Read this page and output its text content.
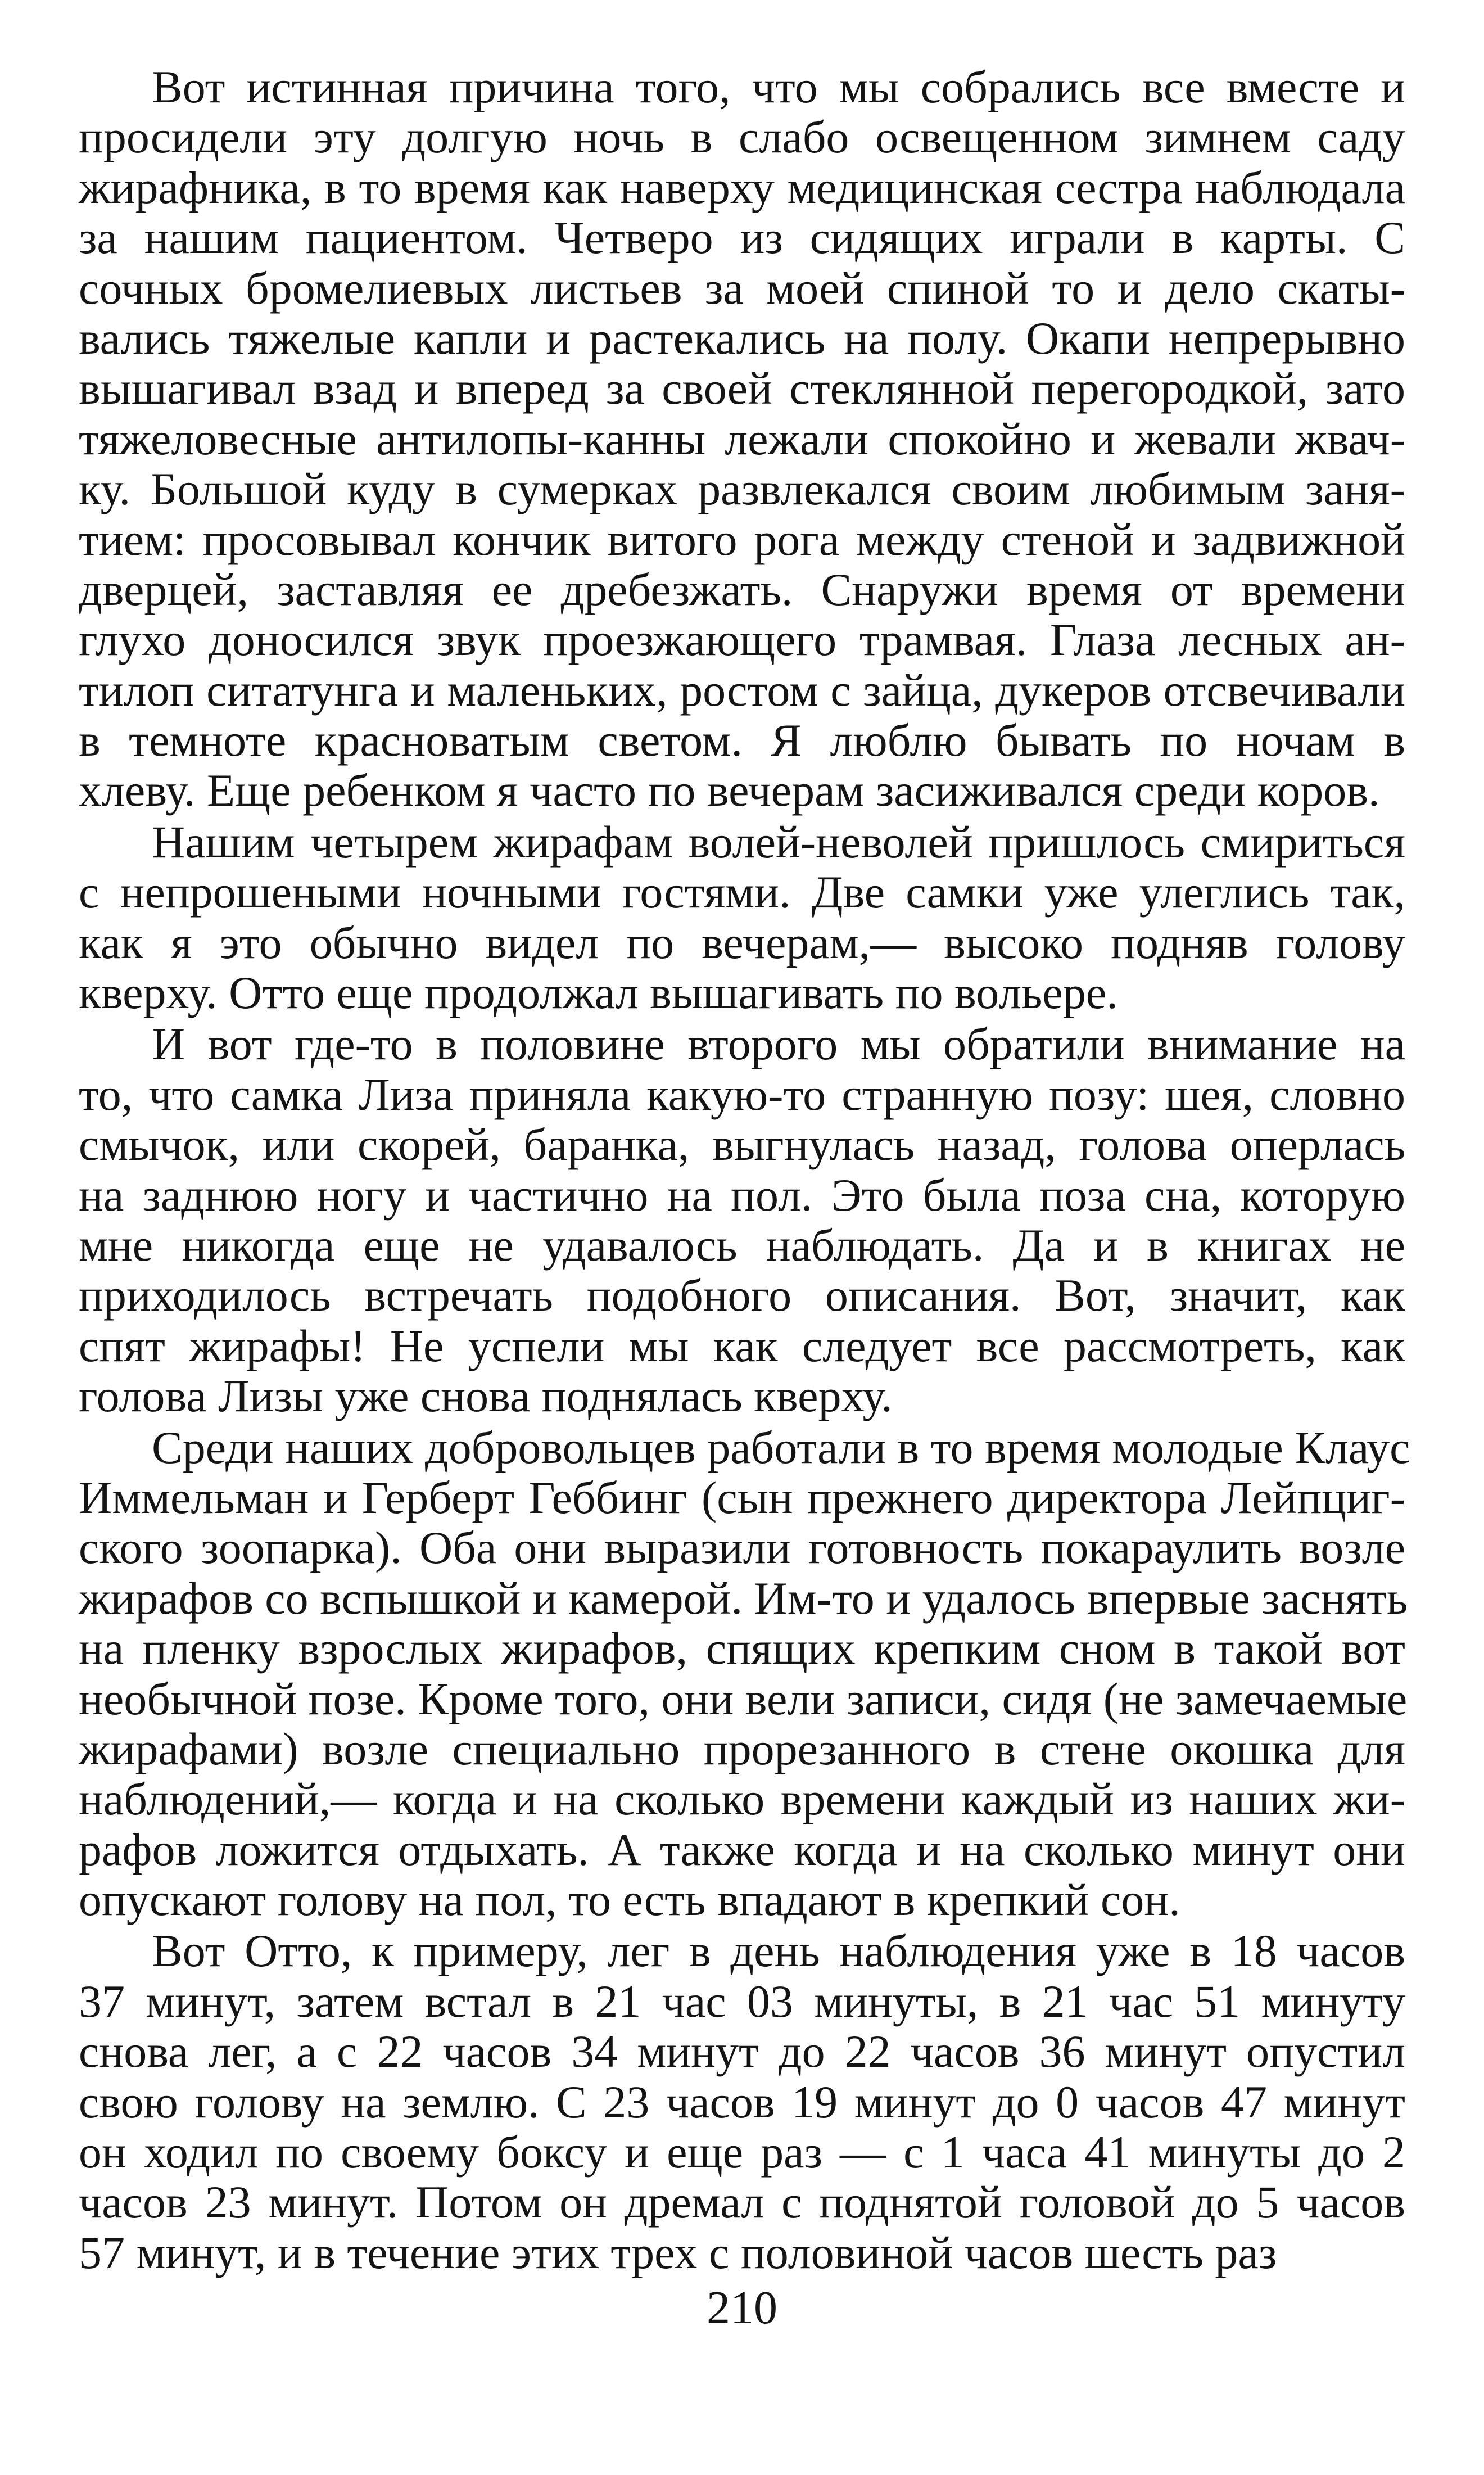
Вот истинная причина того, что мы собрались все вместе и
просидели эту долгую ночь в слабо освещенном зимнем саду
жирафника, в то время как наверху медицинская сестра наблюдала
за нашим пациентом. Четверо из сидящих играли в карты. С
сочных бромелиевых листьев за моей спиной то и дело скаты-
вались тяжелые капли и растекались на полу. Окапи непрерывно
вышагивал взад и вперед за своей стеклянной перегородкой, зато
тяжеловесные антилопы-канны лежали спокойно и жевали жвач-
ку. Большой куду в сумерках развлекался своим любимым заня-
тием: просовывал кончик витого рога между стеной и задвижной
дверцей, заставляя ее дребезжать. Снаружи время от времени
глухо доносился звук проезжающего трамвая. Глаза лесных ан-
тилоп ситатунга и маленьких, ростом с зайца, дукеров отсвечивали
в темноте красноватым светом. Я люблю бывать по ночам в
хлеву. Еще ребенком я часто по вечерам засиживался среди коров.
Нашим четырем жирафам волей-неволей пришлось смириться
с непрошеными ночными гостями. Две самки уже улеглись так,
как я это обычно видел по вечерам,— высоко подняв голову
кверху. Отто еще продолжал вышагивать по вольере.
И вот где-то в половине второго мы обратили внимание на
то, что самка Лиза приняла какую-то странную позу: шея, словно
смычок, или скорей, баранка, выгнулась назад, голова оперлась
на заднюю ногу и частично на пол. Это была поза сна, которую
мне никогда еще не удавалось наблюдать. Да и в книгах не
приходилось встречать подобного описания. Вот, значит, как
спят жирафы! Не успели мы как следует все рассмотреть, как
голова Лизы уже снова поднялась кверху.
Среди наших добровольцев работали в то время молодые Клаус
Иммельман и Герберт Геббинг (сын прежнего директора Лейпциг-
ского зоопарка). Оба они выразили готовность покараулить возле
жирафов со вспышкой и камерой. Им-то и удалось впервые заснять
на пленку взрослых жирафов, спящих крепким сном в такой вот
необычной позе. Кроме того, они вели записи, сидя (не замечаемые
жирафами) возле специально прорезанного в стене окошка для
наблюдений,— когда и на сколько времени каждый из наших жи-
рафов ложится отдыхать. А также когда и на сколько минут они
опускают голову на пол, то есть впадают в крепкий сон.
Вот Отто, к примеру, лег в день наблюдения уже в 18 часов
37 минут, затем встал в 21 час 03 минуты, в 21 час 51 минуту
снова лег, а с 22 часов 34 минут до 22 часов 36 минут опустил
свою голову на землю. С 23 часов 19 минут до 0 часов 47 минут
он ходил по своему боксу и еще раз — с 1 часа 41 минуты до 2
часов 23 минут. Потом он дремал с поднятой головой до 5 часов
57 минут, и в течение этих трех с половиной часов шесть раз
210
